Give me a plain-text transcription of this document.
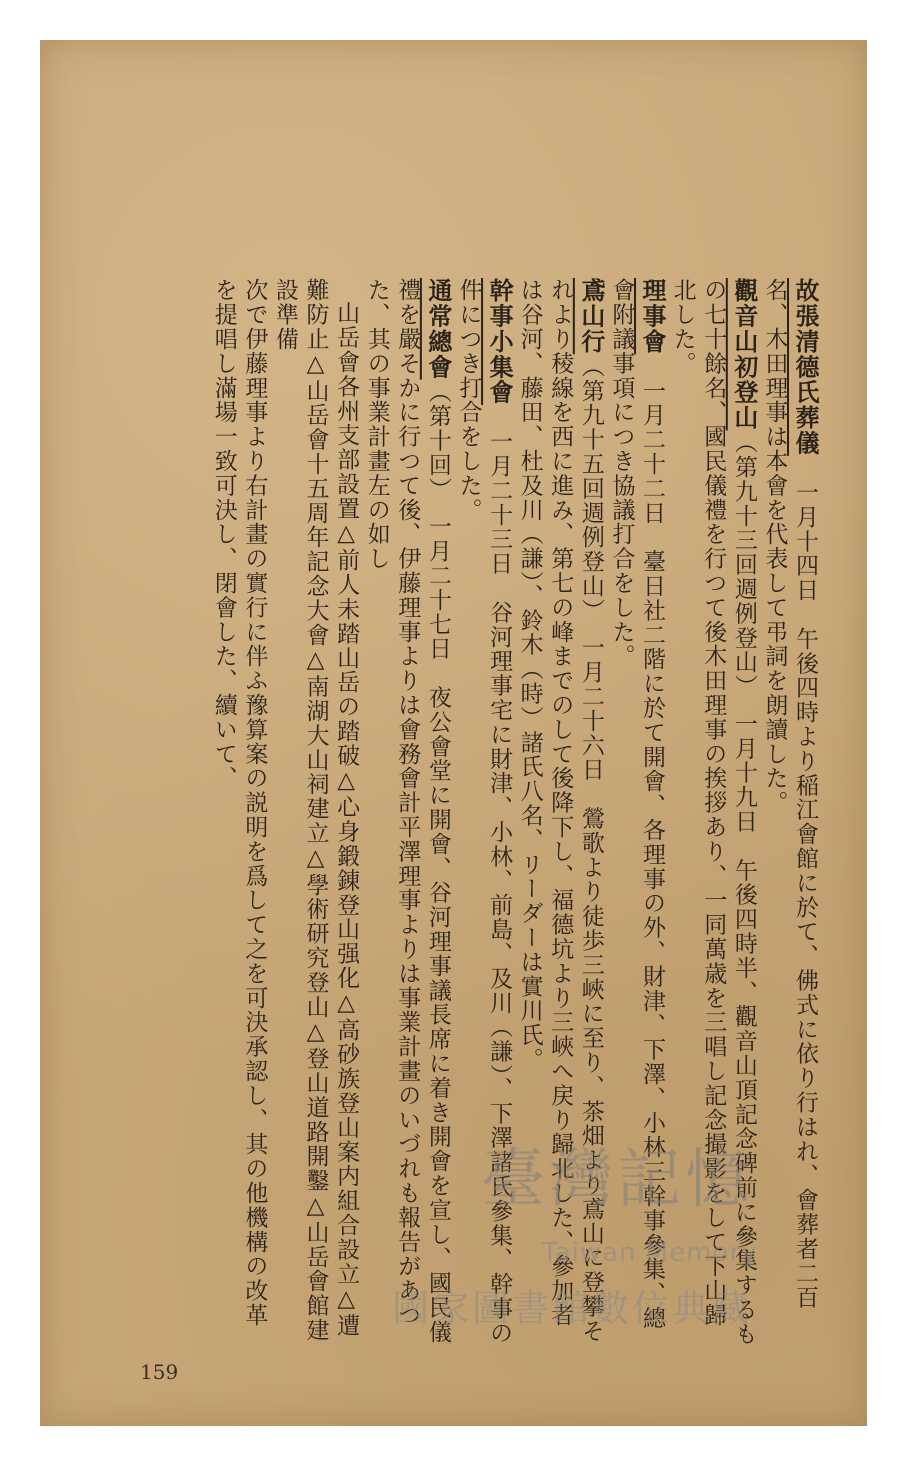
故張清德氏葬儀　一月十四日　午後四時より稲江會館に於て、佛式に依り行はれ、會葬者二百名、木田理事は本會を代表して弔詞を朗讀した。

觀音山初登山（第九十三回週例登山）　一月十九日　午後四時半、觀音山頂記念碑前に參集するもの七十餘名、國民儀禮を行つて後木田理事の挨拶あり、一同萬歳を三唱し記念撮影をして下山歸北した。

理事會　一月二十二日　臺日社二階に於て開會、各理事の外、財津、下澤、小林三幹事參集、總會附議事項につき協議打合をした。

鳶山行（第九十五回週例登山）　一月二十六日　鶯歌より徒歩三峽に至り、茶畑より鳶山に登攀それより稜線を西に進み、第七の峰までのして後降下し、福德坑より三峽へ戻り歸北した、參加者は谷河、藤田、杜及川（謙）、鈴木（時）諸氏八名、リーダーは實川氏。

幹事小集會　一月二十三日　谷河理事宅に財津、小林、前島、及川（謙）、下澤諸氏參集、幹事の件につき打合をした。

通常總會（第十回）　一月二十七日　夜公會堂に開會、谷河理事議長席に着き開會を宣し、國民儀禮を嚴そかに行つて後、伊藤理事よりは會務會計平澤理事よりは事業計畫のいづれも報告があつた、其の事業計畫左の如し

山岳會各州支部設置△前人未踏山岳の踏破△心身鍛錬登山强化△高砂族登山案内組合設立△遭難防止△山岳會十五周年記念大會△南湖大山祠建立△學術研究登山△登山道路開鑿△山岳會館建設準備

次で伊藤理事より右計畫の實行に伴ふ豫算案の説明を爲して之を可決承認し、其の他機構の改革を提唱し滿場一致可決し、閉會した、續いて、

159
臺灣記憶
Taiwan Memory
國家圖書館數位典藏
